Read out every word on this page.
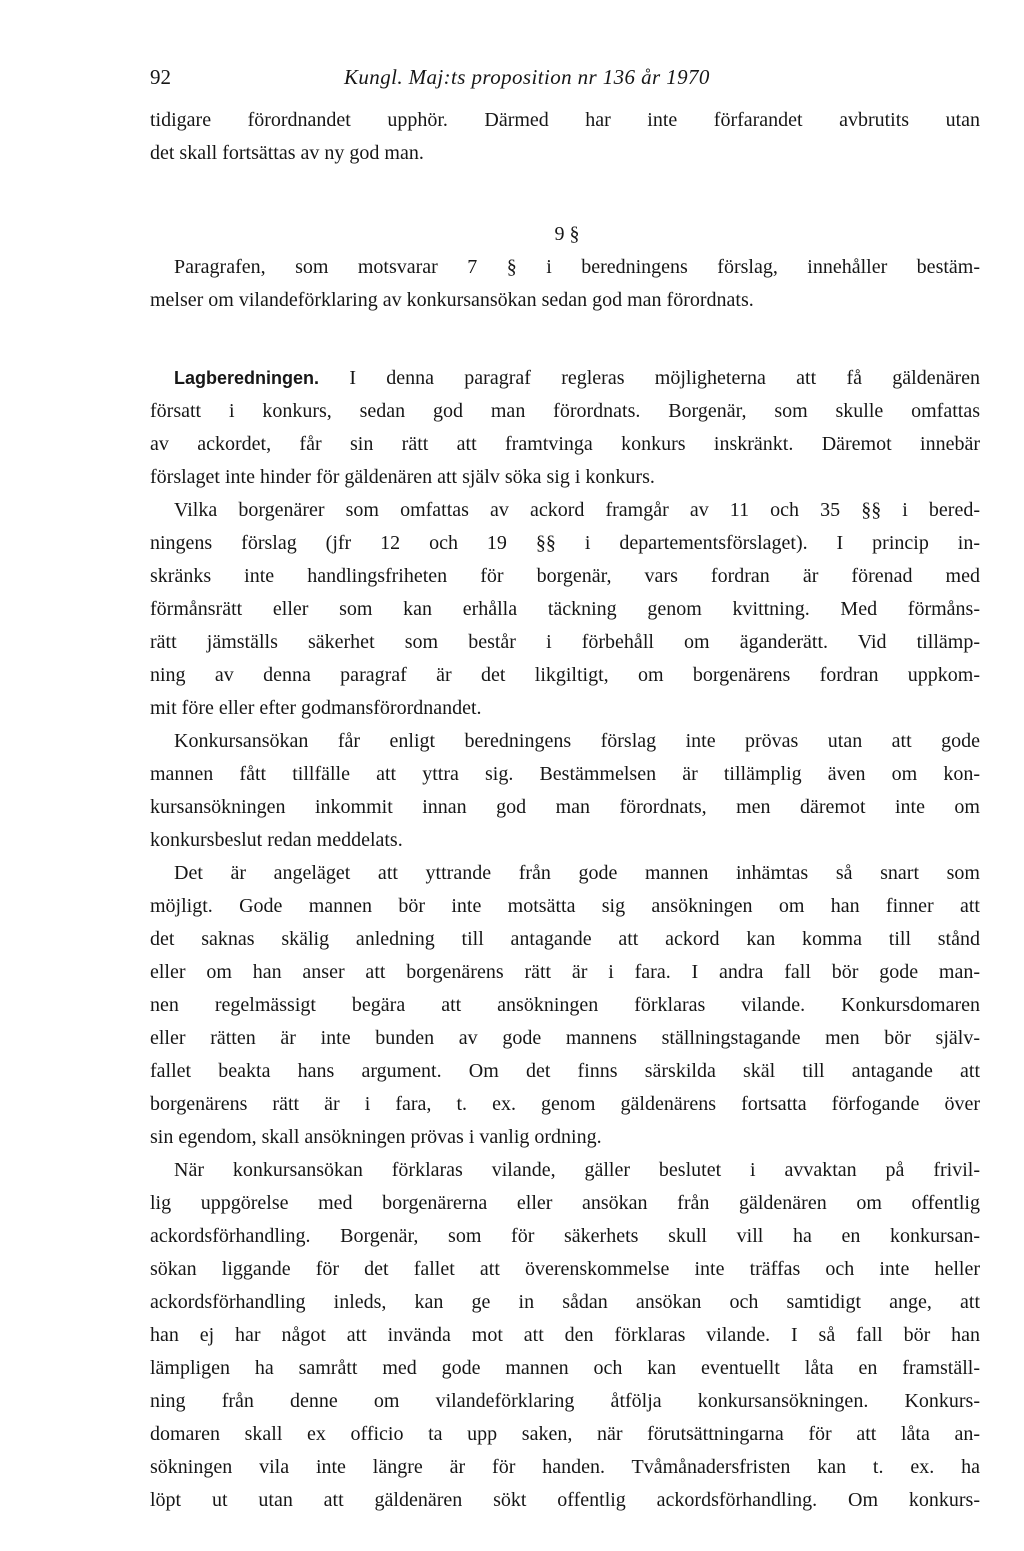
92	Kungl. Maj:ts proposition nr 136 år 1970

tidigare förordnandet upphör. Därmed har inte förfarandet avbrutits utan
det skall fortsättas av ny god man.

9 §

Paragrafen, som motsvarar 7 § i beredningens förslag, innehåller bestäm-
melser om vilandeförklaring av konkursansökan sedan god man förordnats.

Lagberedningen. I denna paragraf regleras möjligheterna att få gäldenären
försatt i konkurs, sedan god man förordnats. Borgenär, som skulle omfattas
av ackordet, får sin rätt att framtvinga konkurs inskränkt. Däremot innebär
förslaget inte hinder för gäldenären att själv söka sig i konkurs.

Vilka borgenärer som omfattas av ackord framgår av 11 och 35 §§ i bered-
ningens förslag (jfr 12 och 19 §§ i departementsförslaget). I princip in-
skränks inte handlingsfriheten för borgenär, vars fordran är förenad med
förmånsrätt eller som kan erhålla täckning genom kvittning. Med förmåns-
rätt jämställs säkerhet som består i förbehåll om äganderätt. Vid tillämp-
ning av denna paragraf är det likgiltigt, om borgenärens fordran uppkom-
mit före eller efter godmansförordnandet.

Konkursansökan får enligt beredningens förslag inte prövas utan att gode
mannen fått tillfälle att yttra sig. Bestämmelsen är tillämplig även om kon-
kursansökningen inkommit innan god man förordnats, men däremot inte om
konkursbeslut redan meddelats.

Det är angeläget att yttrande från gode mannen inhämtas så snart som
möjligt. Gode mannen bör inte motsätta sig ansökningen om han finner att
det saknas skälig anledning till antagande att ackord kan komma till stånd
eller om han anser att borgenärens rätt är i fara. I andra fall bör gode man-
nen regelmässigt begära att ansökningen förklaras vilande. Konkursdomaren
eller rätten är inte bunden av gode mannens ställningstagande men bör själv-
fallet beakta hans argument. Om det finns särskilda skäl till antagande att
borgenärens rätt är i fara, t. ex. genom gäldenärens fortsatta förfogande över
sin egendom, skall ansökningen prövas i vanlig ordning.

När konkursansökan förklaras vilande, gäller beslutet i avvaktan på frivil-
lig uppgörelse med borgenärerna eller ansökan från gäldenären om offentlig
ackordsförhandling. Borgenär, som för säkerhets skull vill ha en konkursan-
sökan liggande för det fallet att överenskommelse inte träffas och inte heller
ackordsförhandling inleds, kan ge in sådan ansökan och samtidigt ange, att
han ej har något att invända mot att den förklaras vilande. I så fall bör han
lämpligen ha samrått med gode mannen och kan eventuellt låta en framställ-
ning från denne om vilandeförklaring åtfölja konkursansökningen. Konkurs-
domaren skall ex officio ta upp saken, när förutsättningarna för att låta an-
sökningen vila inte längre är för handen. Tvåmånadersfristen kan t. ex. ha
löpt ut utan att gäldenären sökt offentlig ackordsförhandling. Om konkurs-
